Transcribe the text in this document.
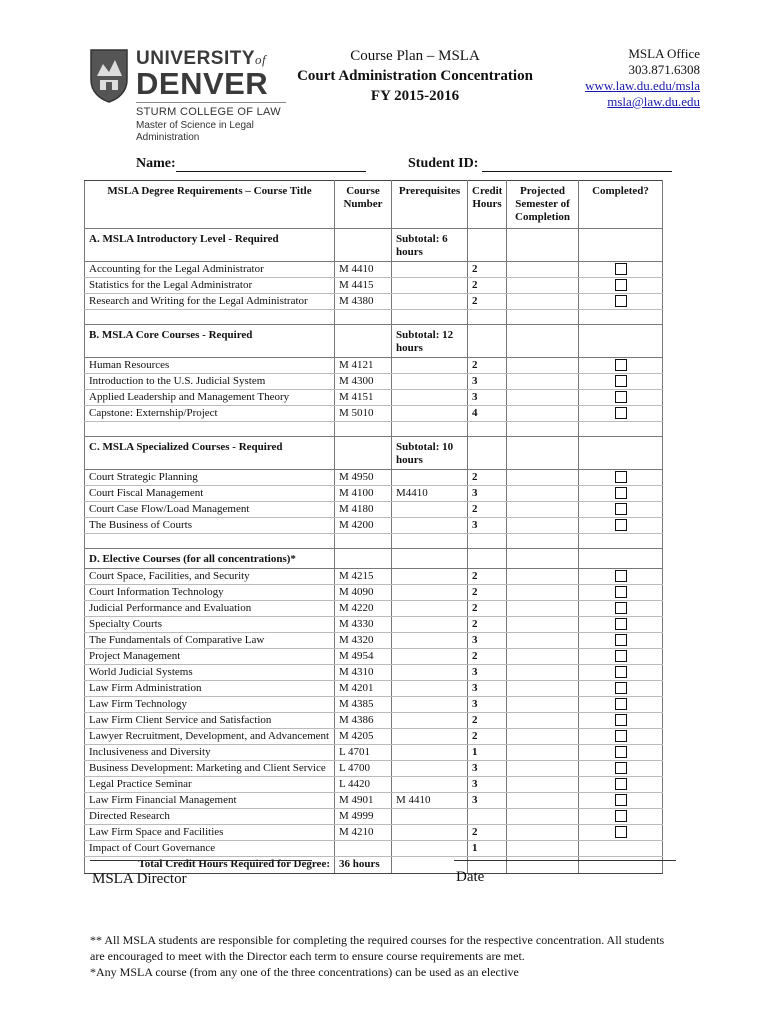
UNIVERSITYof
DENVER
STURM COLLEGE OF LAW
Master of Science in Legal Administration
Course Plan – MSLA
Court Administration Concentration
FY 2015-2016
MSLA Office
303.871.6308
www.law.du.edu/msla
msla@law.du.edu
Name:	Student ID:
MSLA Degree Requirements – Course Title	Course Number	Prerequisites	Credit Hours	Projected Semester of Completion	Completed?
A. MSLA Introductory Level - Required		Subtotal: 6 hours			
Accounting for the Legal Administrator	M 4410		2		
Statistics for the Legal Administrator	M 4415		2		
Research and Writing for the Legal Administrator	M 4380		2		

B. MSLA Core Courses - Required		Subtotal: 12 hours			
Human Resources	M 4121		2		
Introduction to the U.S. Judicial System	M 4300		3		
Applied Leadership and Management Theory	M 4151		3		
Capstone: Externship/Project	M 5010		4		

C. MSLA Specialized Courses - Required		Subtotal: 10 hours			
Court Strategic Planning	M 4950		2		
Court Fiscal Management	M 4100	M4410	3		
Court Case Flow/Load Management	M 4180		2		
The Business of Courts	M 4200		3		

D. Elective Courses (for all concentrations)*					
Court Space, Facilities, and Security	M 4215		2		
Court Information Technology	M 4090		2		
Judicial Performance and Evaluation	M 4220		2		
Specialty Courts	M 4330		2		
The Fundamentals of Comparative Law	M 4320		3		
Project Management	M 4954		2		
World Judicial Systems	M 4310		3		
Law Firm Administration	M 4201		3		
Law Firm Technology	M 4385		3		
Law Firm Client Service and Satisfaction	M 4386		2		
Lawyer Recruitment, Development, and Advancement	M 4205		2		
Inclusiveness and Diversity	L 4701		1		
Business Development: Marketing and Client Service	L 4700		3		
Legal Practice Seminar	L 4420		3		
Law Firm Financial Management	M 4901	M 4410	3		
Directed Research	M 4999				
Law Firm Space and Facilities	M 4210		2		
Impact of Court Governance			1		
Total Credit Hours Required for Degree:	36 hours				
MSLA Director	Date

** All MSLA students are responsible for completing the required courses for the respective concentration. All students are encouraged to meet with the Director each term to ensure course requirements are met.

*Any MSLA course (from any one of the three concentrations) can be used as an elective
